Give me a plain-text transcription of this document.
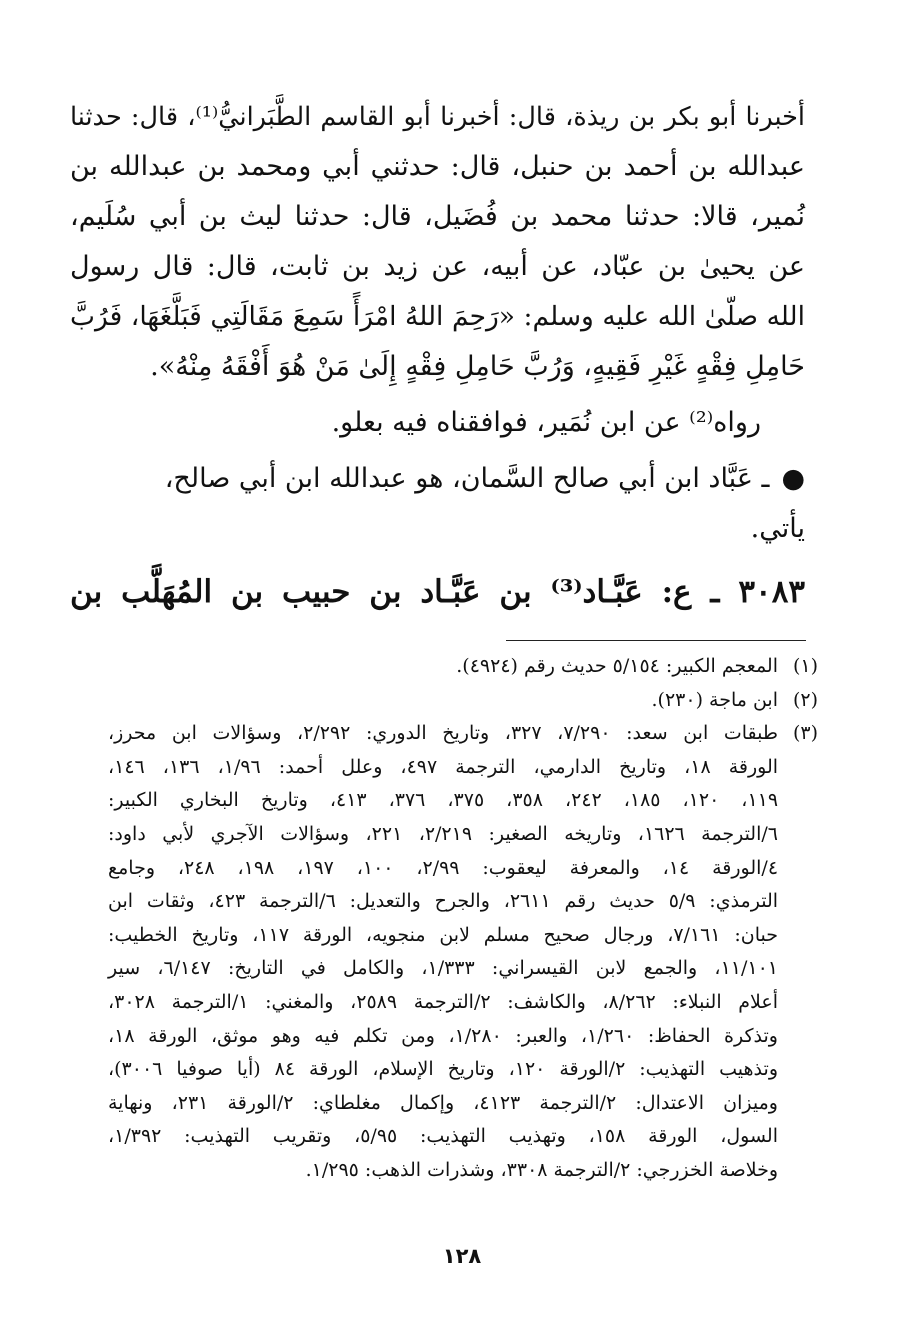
أخبرنا أبو بكر بن ريذة، قال: أخبرنا أبو القاسم الطَّبَرانيُّ⁽¹⁾، قال: حدثنا
عبدالله بن أحمد بن حنبل، قال: حدثني أبي ومحمد بن عبدالله بن
نُمير، قالا: حدثنا محمد بن فُضَيل، قال: حدثنا ليث بن أبي سُلَيم،
عن يحيىٰ بن عبّاد، عن أبيه، عن زيد بن ثابت، قال: قال رسول
الله صلّىٰ الله عليه وسلم: «رَحِمَ اللهُ امْرَأً سَمِعَ مَقَالَتِي فَبَلَّغَهَا، فَرُبَّ
حَامِلِ فِقْهٍ غَيْرِ فَقِيهٍ، وَرُبَّ حَامِلِ فِقْهٍ إِلَىٰ مَنْ هُوَ أَفْقَهُ مِنْهُ».
رواه⁽²⁾ عن ابن نُمَير، فوافقناه فيه بعلو.
●ـ عَبَّاد ابن أبي صالح السَّمان، هو عبدالله ابن أبي صالح،
يأتي.
٣٠٨٣ ـ ع: عَبَّـاد⁽³⁾ بن عَبَّـاد بن حبيب بن المُهَلَّب بن
(١)
المعجم الكبير: ٥/١٥٤ حديث رقم (٤٩٢٤).
(٢)
ابن ماجة (٢٣٠).
(٣)
طبقات ابن سعد: ٧/٢٩٠، ٣٢٧، وتاريخ الدوري: ٢/٢٩٢، وسؤالات ابن محرز،
الورقة ١٨، وتاريخ الدارمي، الترجمة ٤٩٧، وعلل أحمد: ١/٩٦، ١٣٦، ١٤٦،
١١٩، ١٢٠، ١٨٥، ٢٤٢، ٣٥٨، ٣٧٥، ٣٧٦، ٤١٣، وتاريخ البخاري الكبير:
٦/الترجمة ١٦٢٦، وتاريخه الصغير: ٢/٢١٩، ٢٢١، وسؤالات الآجري لأبي داود:
٤/الورقة ١٤، والمعرفة ليعقوب: ٢/٩٩، ١٠٠، ١٩٧، ١٩٨، ٢٤٨، وجامع
الترمذي: ٥/٩ حديث رقم ٢٦١١، والجرح والتعديل: ٦/الترجمة ٤٢٣، وثقات ابن
حبان: ٧/١٦١، ورجال صحيح مسلم لابن منجويه، الورقة ١١٧، وتاريخ الخطيب:
١١/١٠١، والجمع لابن القيسراني: ١/٣٣٣، والكامل في التاريخ: ٦/١٤٧، سير
أعلام النبلاء: ٨/٢٦٢، والكاشف: ٢/الترجمة ٢٥٨٩، والمغني: ١/الترجمة ٣٠٢٨،
وتذكرة الحفاظ: ١/٢٦٠، والعبر: ١/٢٨٠، ومن تكلم فيه وهو موثق، الورقة ١٨،
وتذهيب التهذيب: ٢/الورقة ١٢٠، وتاريخ الإسلام، الورقة ٨٤ (أيا صوفيا ٣٠٠٦)،
وميزان الاعتدال: ٢/الترجمة ٤١٢٣، وإكمال مغلطاي: ٢/الورقة ٢٣١، ونهاية
السول، الورقة ١٥٨، وتهذيب التهذيب: ٥/٩٥، وتقريب التهذيب: ١/٣٩٢،
وخلاصة الخزرجي: ٢/الترجمة ٣٣٠٨، وشذرات الذهب: ١/٢٩٥.
١٢٨
